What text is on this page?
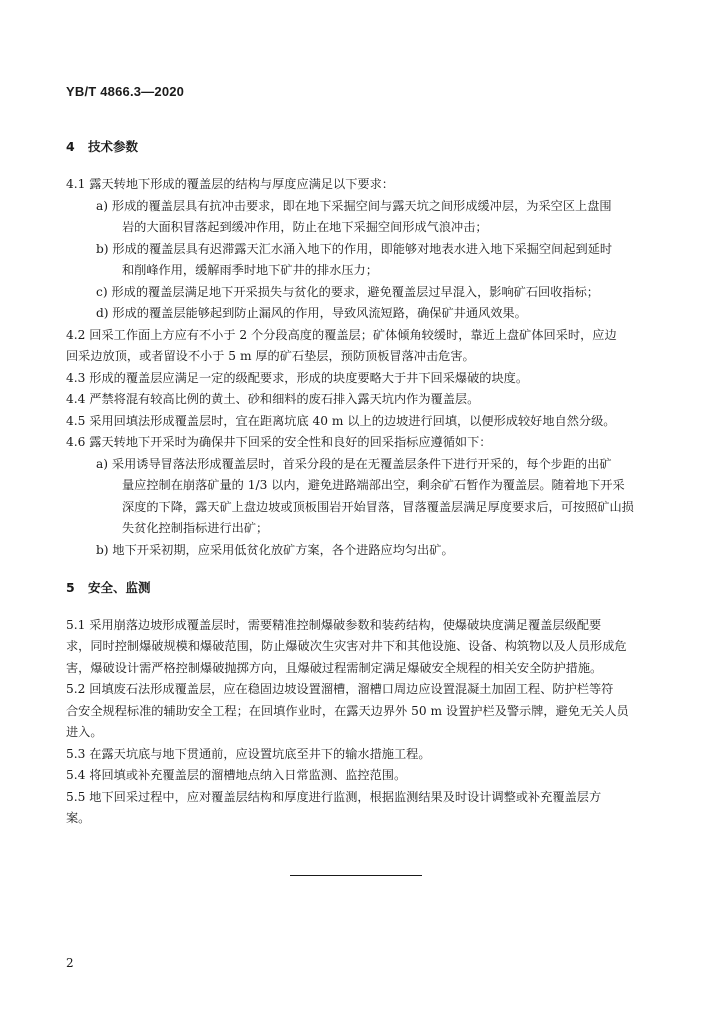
YB/T 4866.3—2020
4 技术参数
4.1 露天转地下形成的覆盖层的结构与厚度应满足以下要求：
a) 形成的覆盖层具有抗冲击要求，即在地下采掘空间与露天坑之间形成缓冲层，为采空区上盘围
岩的大面积冒落起到缓冲作用，防止在地下采掘空间形成气浪冲击；
b) 形成的覆盖层具有迟滞露天汇水涌入地下的作用，即能够对地表水进入地下采掘空间起到延时
和削峰作用，缓解雨季时地下矿井的排水压力；
c) 形成的覆盖层满足地下开采损失与贫化的要求，避免覆盖层过早混入，影响矿石回收指标；
d) 形成的覆盖层能够起到防止漏风的作用，导致风流短路，确保矿井通风效果。
4.2 回采工作面上方应有不小于 2 个分段高度的覆盖层；矿体倾角较缓时，靠近上盘矿体回采时，应边
回采边放顶，或者留设不小于 5 m 厚的矿石垫层，预防顶板冒落冲击危害。
4.3 形成的覆盖层应满足一定的级配要求，形成的块度要略大于井下回采爆破的块度。
4.4 严禁将混有较高比例的黄土、砂和细料的废石排入露天坑内作为覆盖层。
4.5 采用回填法形成覆盖层时，宜在距离坑底 40 m 以上的边坡进行回填，以便形成较好地自然分级。
4.6 露天转地下开采时为确保井下回采的安全性和良好的回采指标应遵循如下：
a) 采用诱导冒落法形成覆盖层时，首采分段的是在无覆盖层条件下进行开采的，每个步距的出矿
量应控制在崩落矿量的 1/3 以内，避免进路端部出空，剩余矿石暂作为覆盖层。随着地下开采
深度的下降，露天矿上盘边坡或顶板围岩开始冒落，冒落覆盖层满足厚度要求后，可按照矿山损
失贫化控制指标进行出矿；
b) 地下开采初期，应采用低贫化放矿方案，各个进路应均匀出矿。
5 安全、监测
5.1 采用崩落边坡形成覆盖层时，需要精准控制爆破参数和装药结构，使爆破块度满足覆盖层级配要
求，同时控制爆破规模和爆破范围，防止爆破次生灾害对井下和其他设施、设备、构筑物以及人员形成危
害，爆破设计需严格控制爆破抛掷方向，且爆破过程需制定满足爆破安全规程的相关安全防护措施。
5.2 回填废石法形成覆盖层，应在稳固边坡设置溜槽，溜槽口周边应设置混凝土加固工程、防护栏等符
合安全规程标准的辅助安全工程；在回填作业时，在露天边界外 50 m 设置护栏及警示牌，避免无关人员
进入。
5.3 在露天坑底与地下贯通前，应设置坑底至井下的输水措施工程。
5.4 将回填或补充覆盖层的溜槽地点纳入日常监测、监控范围。
5.5 地下回采过程中，应对覆盖层结构和厚度进行监测，根据监测结果及时设计调整或补充覆盖层方
案。
2
